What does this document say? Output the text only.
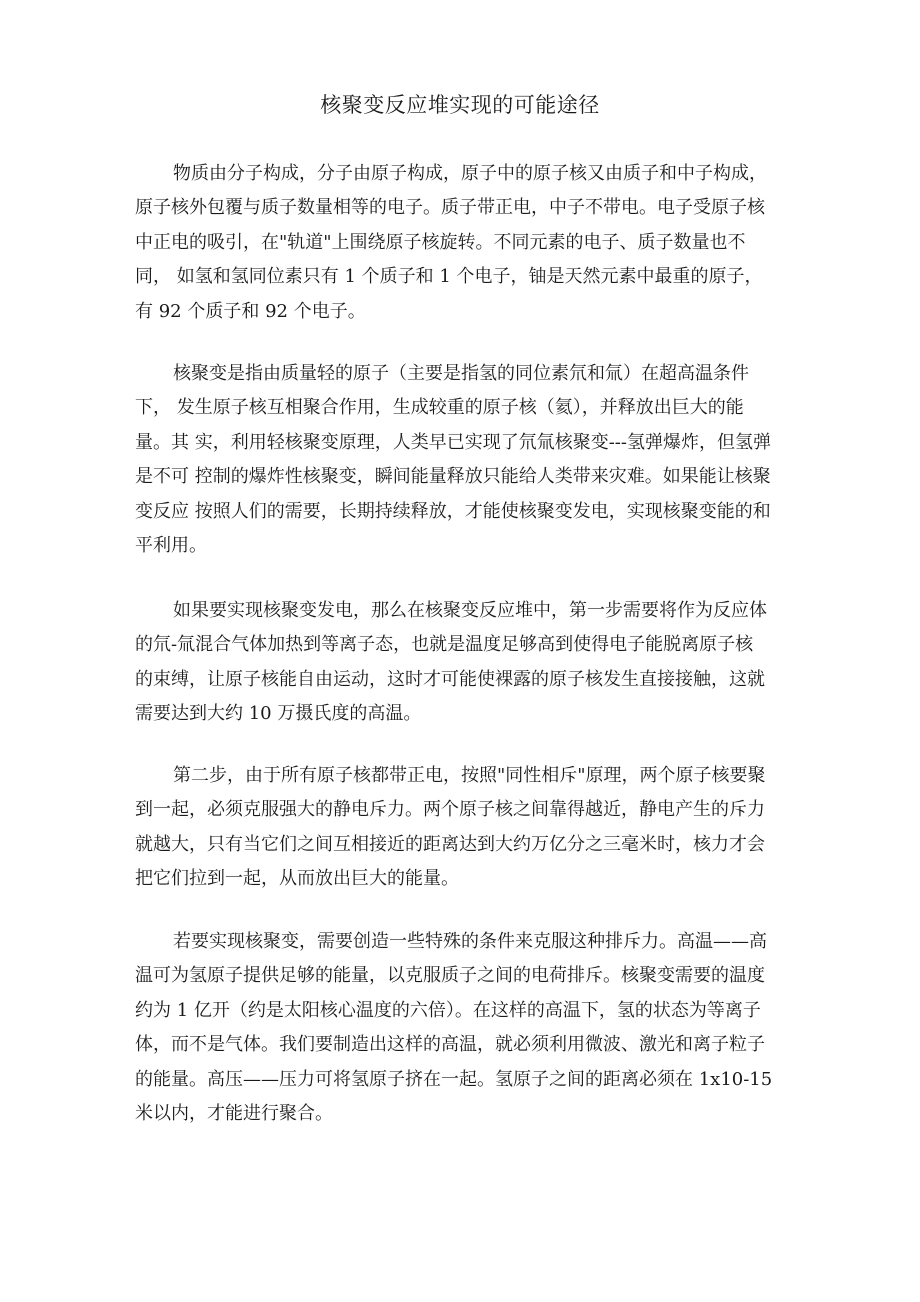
核聚变反应堆实现的可能途径

物质由分子构成，分子由原子构成，原子中的原子核又由质子和中子构成，
原子核外包覆与质子数量相等的电子。质子带正电，中子不带电。电子受原子核
中正电的吸引，在"轨道"上围绕原子核旋转。不同元素的电子、质子数量也不
同， 如氢和氢同位素只有 1 个质子和 1 个电子，铀是天然元素中最重的原子，
有 92 个质子和 92 个电子。

核聚变是指由质量轻的原子（主要是指氢的同位素氘和氚）在超高温条件
下， 发生原子核互相聚合作用，生成较重的原子核（氦），并释放出巨大的能
量。其 实，利用轻核聚变原理，人类早已实现了氘氚核聚变---氢弹爆炸，但氢弹
是不可 控制的爆炸性核聚变，瞬间能量释放只能给人类带来灾难。如果能让核聚
变反应 按照人们的需要，长期持续释放，才能使核聚变发电，实现核聚变能的和
平利用。

如果要实现核聚变发电，那么在核聚变反应堆中，第一步需要将作为反应体
的氘-氚混合气体加热到等离子态，也就是温度足够高到使得电子能脱离原子核
的束缚，让原子核能自由运动，这时才可能使裸露的原子核发生直接接触，这就
需要达到大约 10 万摄氏度的高温。

第二步，由于所有原子核都带正电，按照"同性相斥"原理，两个原子核要聚
到一起，必须克服强大的静电斥力。两个原子核之间靠得越近，静电产生的斥力
就越大，只有当它们之间互相接近的距离达到大约万亿分之三毫米时，核力才会
把它们拉到一起，从而放出巨大的能量。

若要实现核聚变，需要创造一些特殊的条件来克服这种排斥力。高温——高
温可为氢原子提供足够的能量，以克服质子之间的电荷排斥。核聚变需要的温度
约为 1 亿开（约是太阳核心温度的六倍）。在这样的高温下，氢的状态为等离子
体，而不是气体。我们要制造出这样的高温，就必须利用微波、激光和离子粒子
的能量。高压——压力可将氢原子挤在一起。氢原子之间的距离必须在 1x10-15
米以内，才能进行聚合。
